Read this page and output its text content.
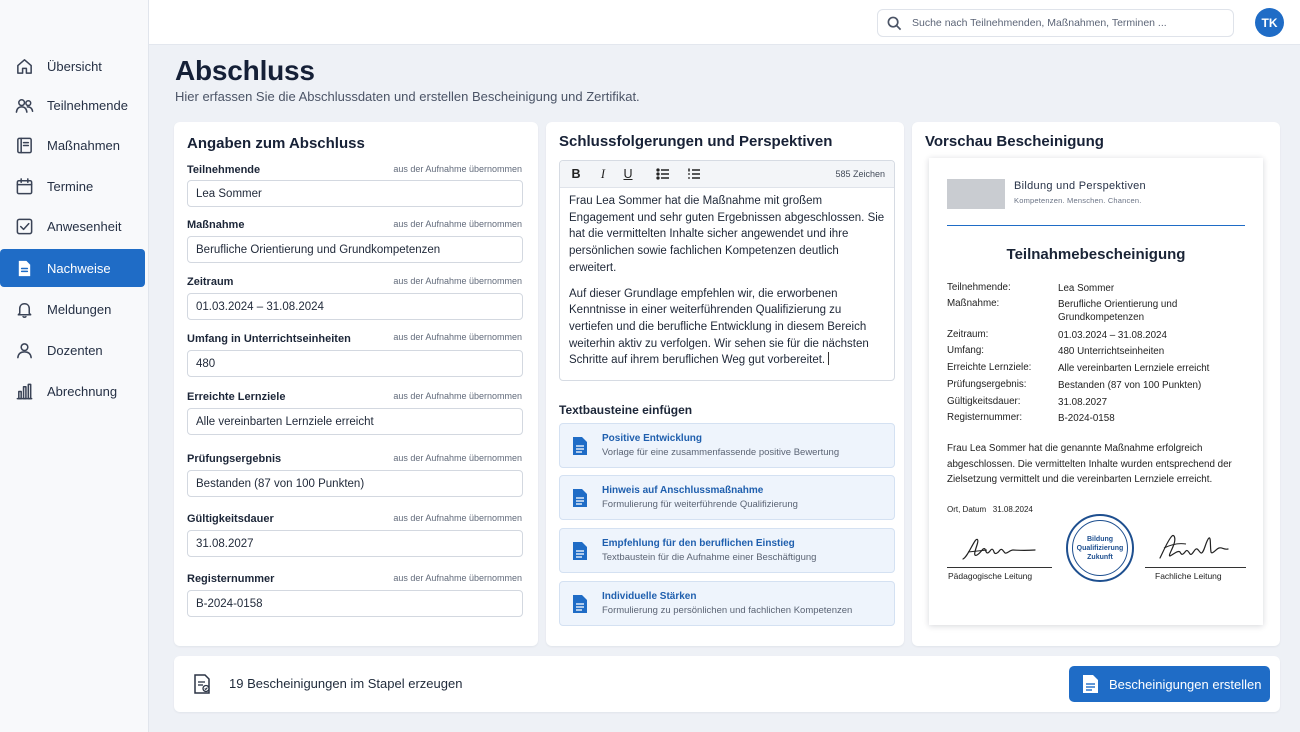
Übersicht
Teilnehmende
Maßnahmen
Termine
Anwesenheit
Nachweise
Meldungen
Dozenten
Abrechnung
Suche nach Teilnehmenden, Maßnahmen, Terminen ...
TK
Abschluss
Hier erfassen Sie die Abschlussdaten und erstellen Bescheinigung und Zertifikat.
Angaben zum Abschluss
Teilnehmende	aus der Aufnahme übernommen
Lea Sommer
Maßnahme	aus der Aufnahme übernommen
Berufliche Orientierung und Grundkompetenzen
Zeitraum	aus der Aufnahme übernommen
01.03.2024 – 31.08.2024
Umfang in Unterrichtseinheiten	aus der Aufnahme übernommen
480
Erreichte Lernziele	aus der Aufnahme übernommen
Alle vereinbarten Lernziele erreicht
Prüfungsergebnis	aus der Aufnahme übernommen
Bestanden (87 von 100 Punkten)
Gültigkeitsdauer	aus der Aufnahme übernommen
31.08.2027
Registernummer	aus der Aufnahme übernommen
B-2024-0158
Schlussfolgerungen und Perspektiven
B	I	U	585 Zeichen

Frau Lea Sommer hat die Maßnahme mit großem Engagement und sehr guten Ergebnissen abgeschlossen. Sie hat die vermittelten Inhalte sicher angewendet und ihre persönlichen sowie fachlichen Kompetenzen deutlich erweitert.

Auf dieser Grundlage empfehlen wir, die erworbenen Kenntnisse in einer weiterführenden Qualifizierung zu vertiefen und die berufliche Entwicklung in diesem Bereich weiterhin aktiv zu verfolgen. Wir sehen sie für die nächsten Schritte auf ihrem beruflichen Weg gut vorbereitet.

Textbausteine einfügen
Positive Entwicklung
Vorlage für eine zusammenfassende positive Bewertung
Hinweis auf Anschlussmaßnahme
Formulierung für weiterführende Qualifizierung
Empfehlung für den beruflichen Einstieg
Textbaustein für die Aufnahme einer Beschäftigung
Individuelle Stärken
Formulierung zu persönlichen und fachlichen Kompetenzen
Vorschau Bescheinigung
Bildung und Perspektiven
Kompetenzen. Menschen. Chancen.
Teilnahmebescheinigung
Teilnehmende:	Lea Sommer
Maßnahme:	Berufliche Orientierung und Grundkompetenzen
Zeitraum:	01.03.2024 – 31.08.2024
Umfang:	480 Unterrichtseinheiten
Erreichte Lernziele:	Alle vereinbarten Lernziele erreicht
Prüfungsergebnis:	Bestanden (87 von 100 Punkten)
Gültigkeitsdauer:	31.08.2027
Registernummer:	B-2024-0158
Frau Lea Sommer hat die genannte Maßnahme erfolgreich abgeschlossen. Die vermittelten Inhalte wurden entsprechend der Zielsetzung vermittelt und die vereinbarten Lernziele erreicht.
Ort, Datum 31.08.2024
Pädagogische Leitung
Bildung Qualifizierung Zukunft
Fachliche Leitung
19 Bescheinigungen im Stapel erzeugen	Bescheinigungen erstellen
